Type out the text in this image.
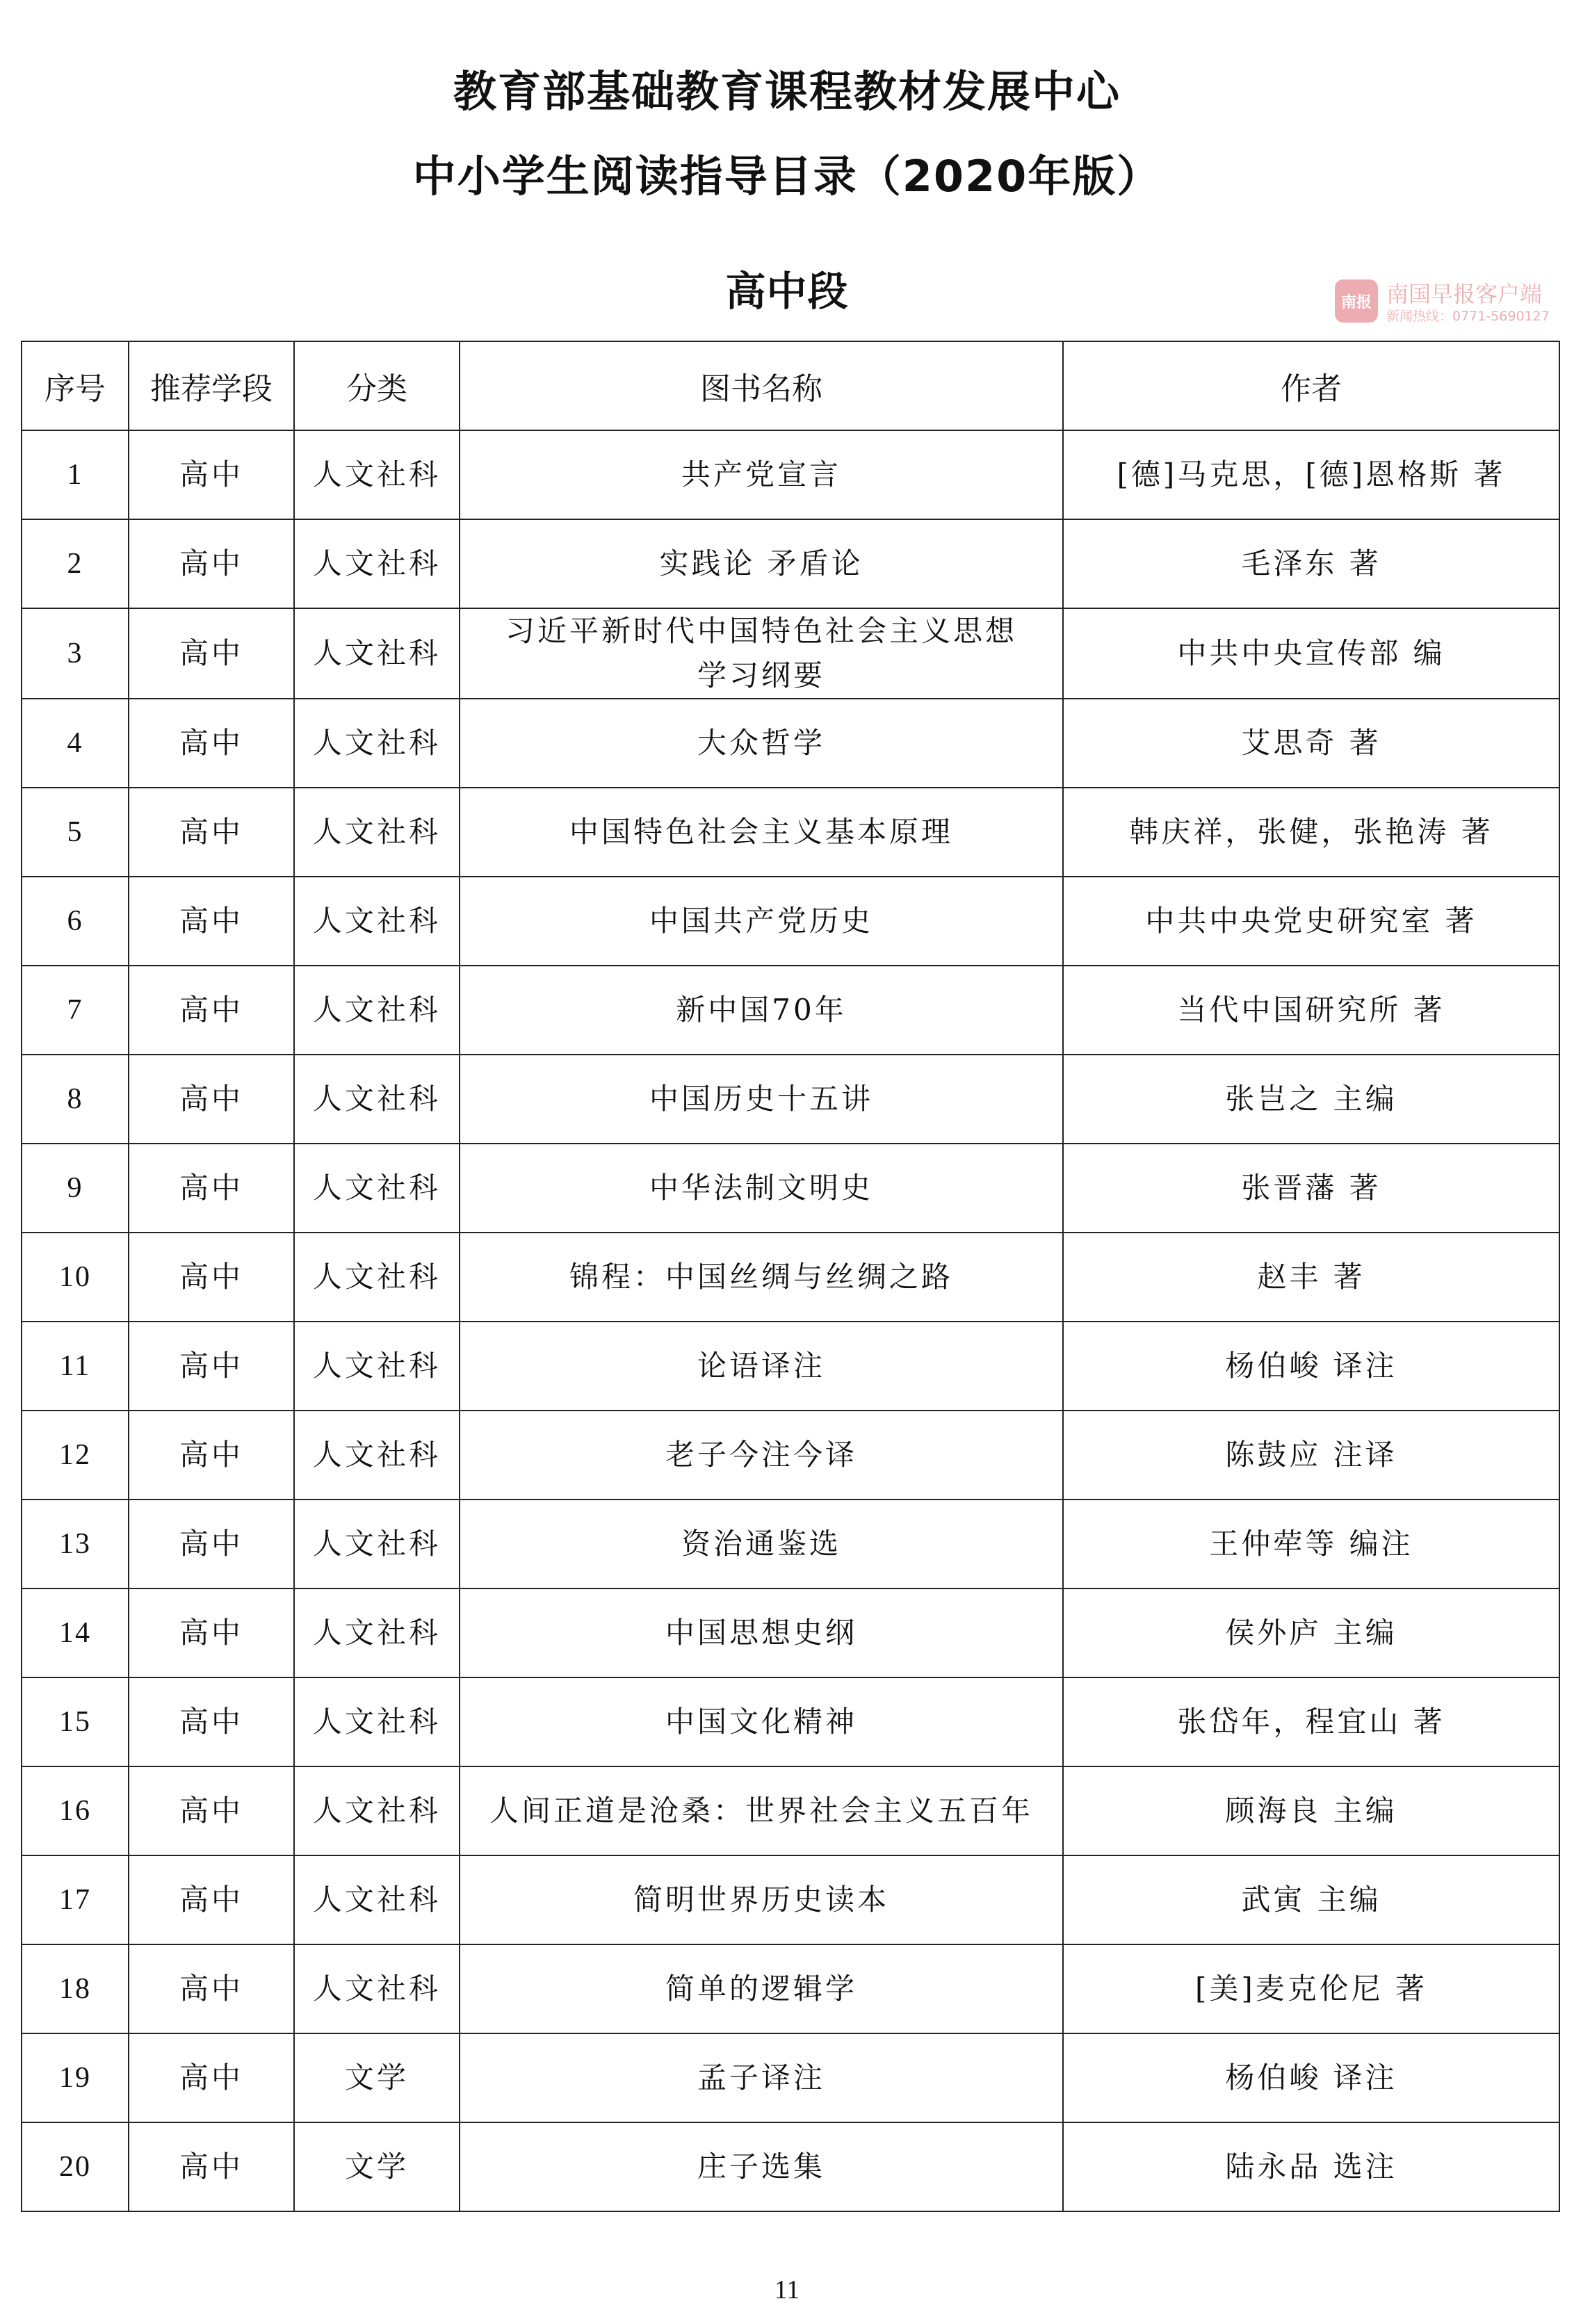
教育部基础教育课程教材发展中心
中小学生阅读指导目录（2020年版）
高中段	南报 南国早报客户端
新闻热线：0771-5690127
序号	推荐学段	分类	图书名称	作者
1	高中	人文社科	共产党宣言	[德]马克思，[德]恩格斯 著
2	高中	人文社科	实践论 矛盾论	毛泽东 著
3	高中	人文社科	习近平新时代中国特色社会主义思想
学习纲要	中共中央宣传部 编
4	高中	人文社科	大众哲学	艾思奇 著
5	高中	人文社科	中国特色社会主义基本原理	韩庆祥，张健，张艳涛 著
6	高中	人文社科	中国共产党历史	中共中央党史研究室 著
7	高中	人文社科	新中国70年	当代中国研究所 著
8	高中	人文社科	中国历史十五讲	张岂之 主编
9	高中	人文社科	中华法制文明史	张晋藩 著
10	高中	人文社科	锦程：中国丝绸与丝绸之路	赵丰 著
11	高中	人文社科	论语译注	杨伯峻 译注
12	高中	人文社科	老子今注今译	陈鼓应 注译
13	高中	人文社科	资治通鉴选	王仲荦等 编注
14	高中	人文社科	中国思想史纲	侯外庐 主编
15	高中	人文社科	中国文化精神	张岱年，程宜山 著
16	高中	人文社科	人间正道是沧桑：世界社会主义五百年	顾海良 主编
17	高中	人文社科	简明世界历史读本	武寅 主编
18	高中	人文社科	简单的逻辑学	[美]麦克伦尼 著
19	高中	文学	孟子译注	杨伯峻 译注
20	高中	文学	庄子选集	陆永品 选注
11
